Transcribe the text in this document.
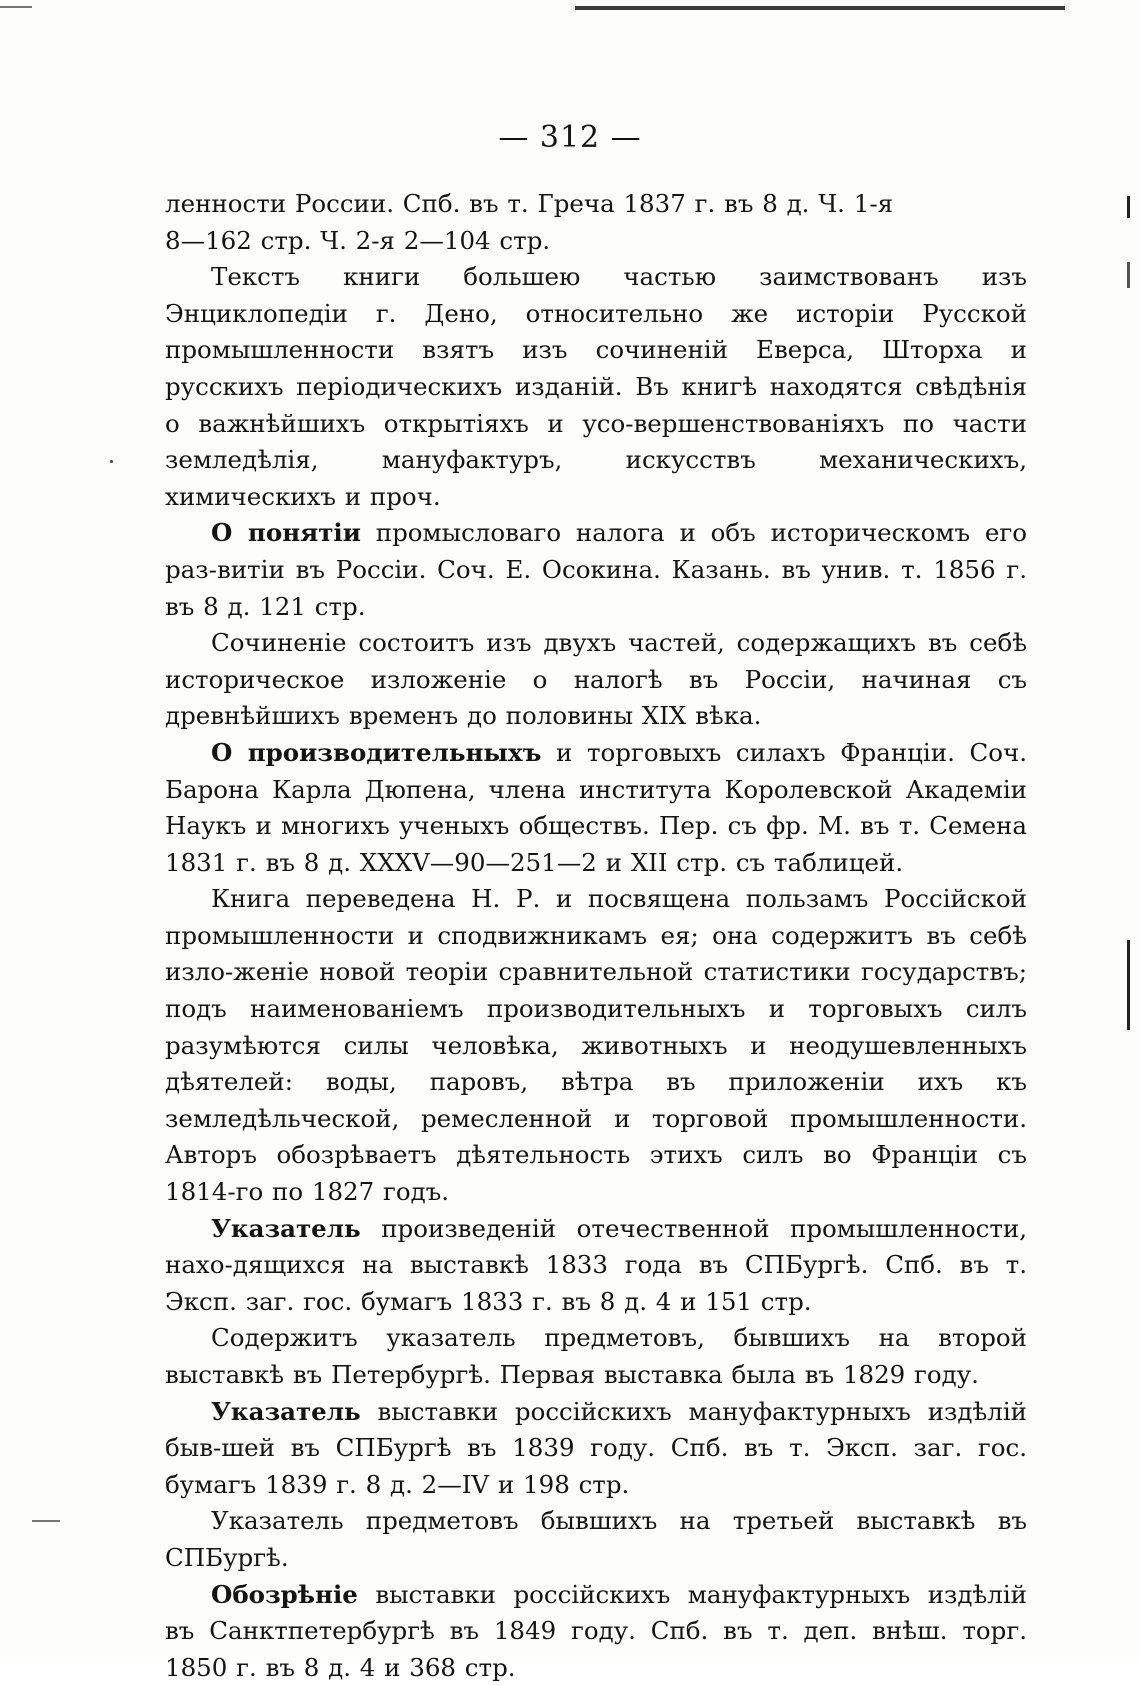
— 312 —

ленности России. Спб. въ т. Греча 1837 г. въ 8 д. Ч. 1-я
8—162 стр. Ч. 2-я 2—104 стр.

Текстъ книги большею частью заимствованъ изъ Энциклопедiи г. Дено, относительно же исторiи Русской промышленности взятъ изъ сочиненiй Еверса, Шторха и русскихъ перiодическихъ изданiй. Въ книгѣ находятся свѣдѣнiя о важнѣйшихъ открытiяхъ и усо-вершенствованiяхъ по части земледѣлiя, мануфактуръ, искусствъ	механическихъ, химическихъ и проч.

О понятiи промысловаго налога и объ историческомъ его раз-витiи въ Россiи. Соч. Е. Осокина. Казань. въ унив. т. 1856 г. въ 8 д. 121 стр.

Сочиненiе состоитъ изъ двухъ частей, содержащихъ въ себѣ историческое изложенiе о налогѣ въ Россiи, начиная съ древнѣйшихъ временъ до половины XIX вѣка.

О производительныхъ и торговыхъ силахъ Францiи. Соч. Барона Карла Дюпена, члена института Королевской Академiи Наукъ и многихъ ученыхъ обществъ. Пер. съ фр. М. въ т. Семена 1831 г. въ 8 д. XXXV—90—251—2 и XII стр. съ таблицей.

Книга переведена Н. Р. и посвящена пользамъ Россiйской промышленности и сподвижникамъ ея; она содержитъ въ себѣ изло-женiе новой теорiи сравнительной статистики государствъ; подъ наименованiемъ производительныхъ и торговыхъ силъ разумѣются силы человѣка, животныхъ и неодушевленныхъ дѣятелей: воды, паровъ, вѣтра въ приложенiи ихъ къ земледѣльческой, ремесленной и торговой промышленности. Авторъ обозрѣваетъ дѣятельность этихъ силъ во Францiи съ 1814-го по 1827 годъ.

Указатель произведенiй отечественной промышленности, нахо-дящихся на выставкѣ 1833 года въ СПБургѣ. Спб. въ т. Эксп. заг. гос. бумагъ 1833 г. въ 8 д. 4 и 151 стр.

Содержитъ указатель предметовъ, бывшихъ на второй выставкѣ въ Петербургѣ. Первая выставка была въ 1829 году.

Указатель выставки россiйскихъ мануфактурныхъ издѣлiй быв-шей въ СПБургѣ въ 1839 году. Спб. въ т. Эксп. заг. гос. бумагъ 1839 г. 8 д. 2—IV и 198 стр.

Указатель предметовъ бывшихъ на третьей выставкѣ въ СПБургѣ.

Обозрѣнiе выставки россiйскихъ мануфактурныхъ издѣлiй въ Санктпетербургѣ въ 1849 году. Спб. въ т. деп. внѣш. торг. 1850 г. въ 8 д. 4 и 368 стр.
